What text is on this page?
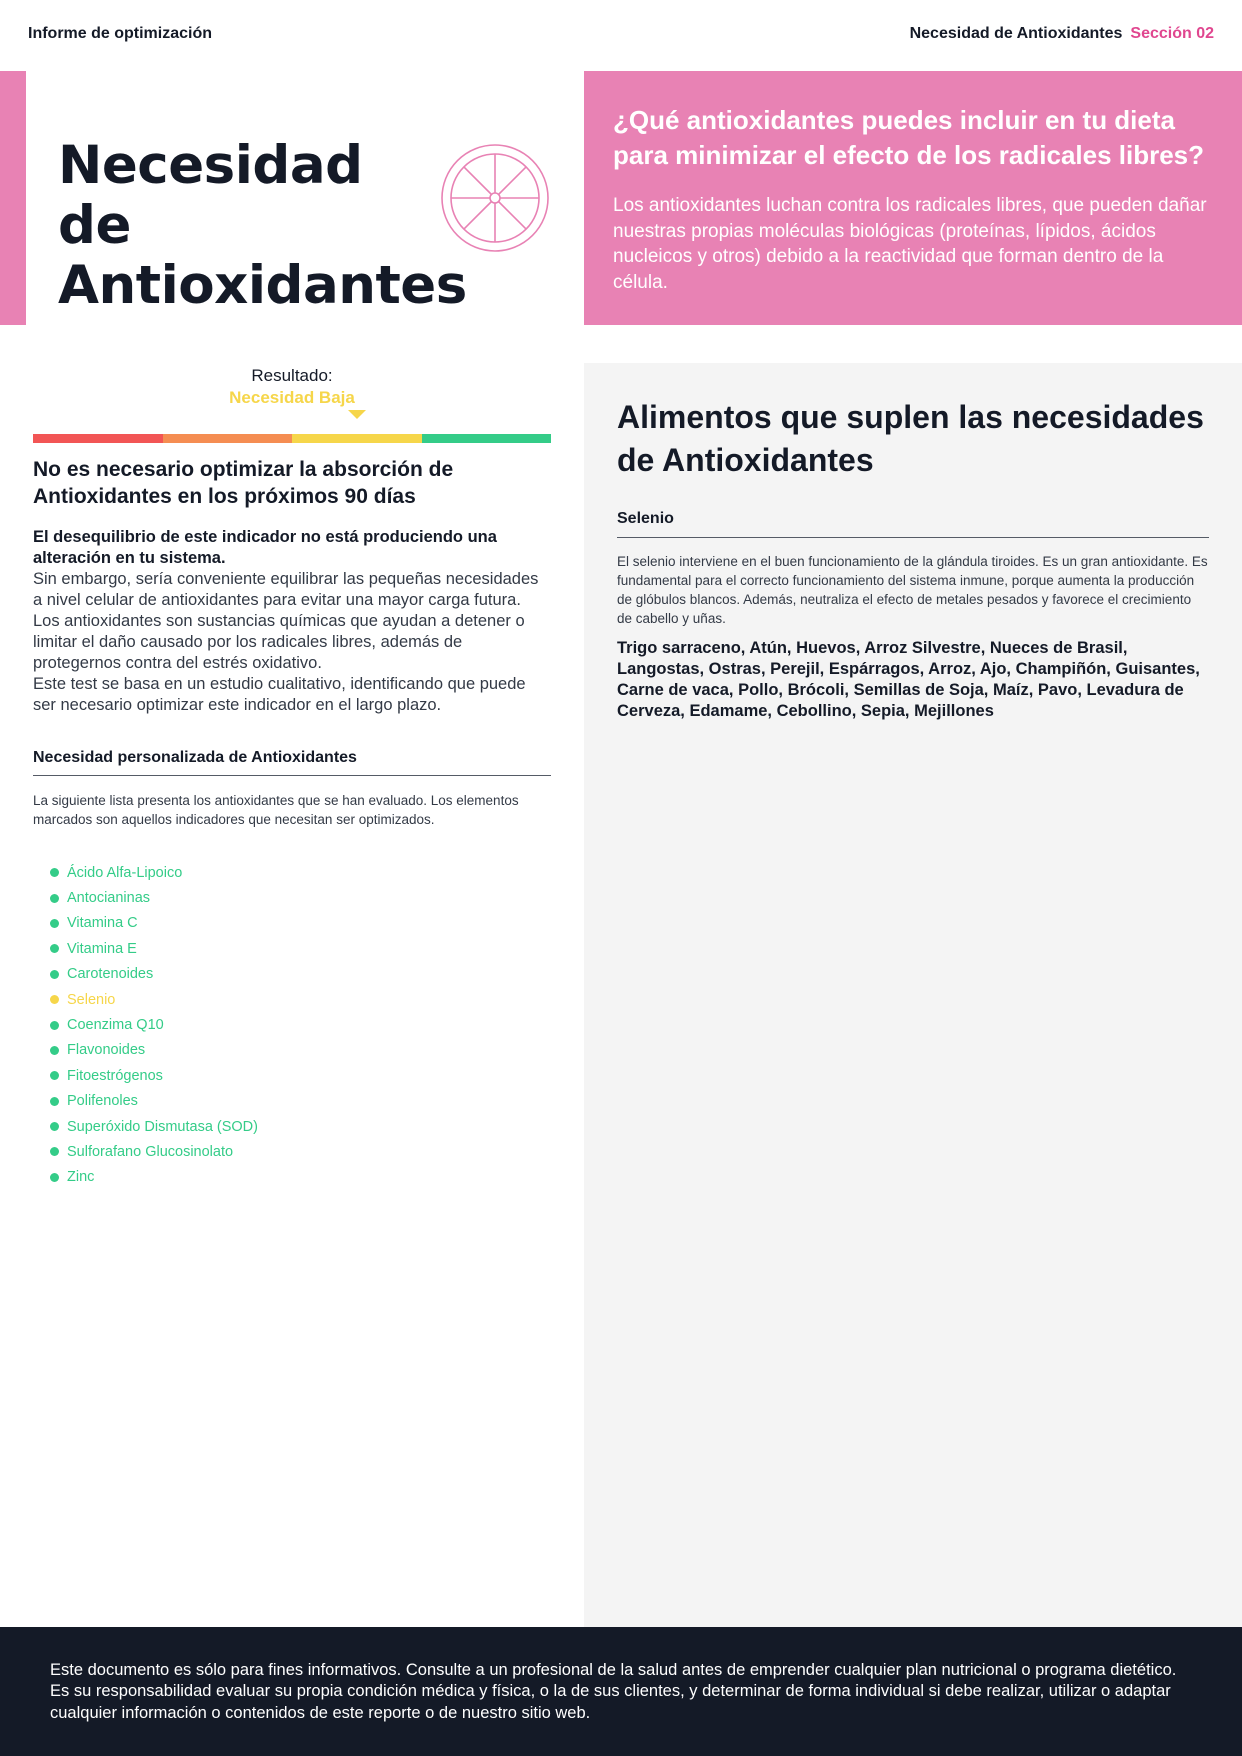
Informe de optimización	Necesidad de Antioxidantes Sección 02
Necesidad de Antioxidantes
¿Qué antioxidantes puedes incluir en tu dieta para minimizar el efecto de los radicales libres?
Los antioxidantes luchan contra los radicales libres, que pueden dañar nuestras propias moléculas biológicas (proteínas, lípidos, ácidos nucleicos y otros) debido a la reactividad que forman dentro de la célula.
Resultado:
Necesidad Baja
No es necesario optimizar la absorción de Antioxidantes en los próximos 90 días
El desequilibrio de este indicador no está produciendo una alteración en tu sistema.

Sin embargo, sería conveniente equilibrar las pequeñas necesidades a nivel celular de antioxidantes para evitar una mayor carga futura. Los antioxidantes son sustancias químicas que ayudan a detener o limitar el daño causado por los radicales libres, además de protegernos contra del estrés oxidativo.

Este test se basa en un estudio cualitativo, identificando que puede ser necesario optimizar este indicador en el largo plazo.

Necesidad personalizada de Antioxidantes
La siguiente lista presenta los antioxidantes que se han evaluado. Los elementos marcados son aquellos indicadores que necesitan ser optimizados.
Ácido Alfa-Lipoico
Antocianinas
Vitamina C
Vitamina E
Carotenoides
Selenio
Coenzima Q10
Flavonoides
Fitoestrógenos
Polifenoles
Superóxido Dismutasa (SOD)
Sulforafano Glucosinolato
Zinc
Alimentos que suplen las necesidades de Antioxidantes
Selenio
El selenio interviene en el buen funcionamiento de la glándula tiroides. Es un gran antioxidante. Es fundamental para el correcto funcionamiento del sistema inmune, porque aumenta la producción de glóbulos blancos. Además, neutraliza el efecto de metales pesados y favorece el crecimiento de cabello y uñas.
Trigo sarraceno, Atún, Huevos, Arroz Silvestre, Nueces de Brasil, Langostas, Ostras, Perejil, Espárragos, Arroz, Ajo, Champiñón, Guisantes, Carne de vaca, Pollo, Brócoli, Semillas de Soja, Maíz, Pavo, Levadura de Cerveza, Edamame, Cebollino, Sepia, Mejillones
Este documento es sólo para fines informativos. Consulte a un profesional de la salud antes de emprender cualquier plan nutricional o programa dietético. Es su responsabilidad evaluar su propia condición médica y física, o la de sus clientes, y determinar de forma individual si debe realizar, utilizar o adaptar cualquier información o contenidos de este reporte o de nuestro sitio web.
